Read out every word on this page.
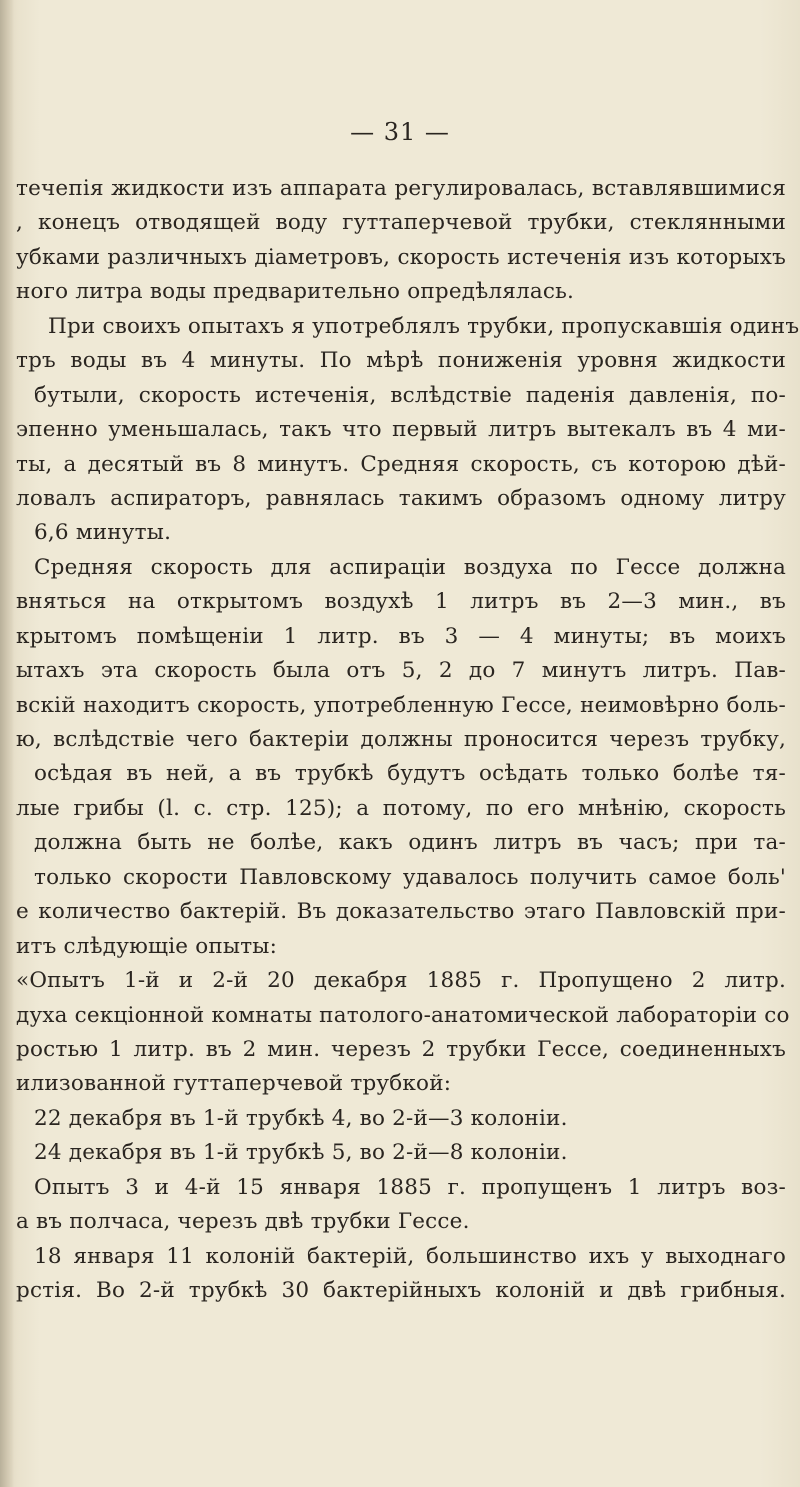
— 31 —
течепія жидкости изъ аппарата регулировалась, вставлявшимися
, конецъ отводящей воду гуттаперчевой трубки, стеклянными
убками различныхъ діаметровъ, скорость истеченія изъ которыхъ
ного литра воды предварительно опредѣлялась.
При своихъ опытахъ я употреблялъ трубки, пропускавшія одинъ
тръ воды въ 4 минуты. По мѣрѣ пониженія уровня жидкости
бутыли, скорость истеченія, вслѣдствіе паденія давленія, по-
эпенно уменьшалась, такъ что первый литръ вытекалъ въ 4 ми-
ты, а десятый въ 8 минутъ. Средняя скорость, съ которою дѣй-
ловалъ аспираторъ, равнялась такимъ образомъ одному литру
6,6 минуты.
Средняя скорость для аспираціи воздуха по Гессе должна
вняться на открытомъ воздухѣ 1 литръ въ 2—3 мин., въ
крытомъ помѣщеніи 1 литр. въ 3 — 4 минуты; въ моихъ
ытахъ эта скорость была отъ 5, 2 до 7 минутъ литръ. Пав-
вскій находитъ скорость, употребленную Гессе, неимовѣрно боль-
ю, вслѣдствіе чего бактеріи должны проносится черезъ трубку,
осѣдая въ ней, а въ трубкѣ будутъ осѣдать только болѣе тя-
лые грибы (l. c. стр. 125); а потому, по его мнѣнію, скорость
должна быть не болѣе, какъ одинъ литръ въ часъ; при та-
только скорости Павловскому удавалось получить самое боль'
е количество бактерій. Въ доказательство этаго Павловскій при-
итъ слѣдующіе опыты:
«Опытъ 1-й и 2-й 20 декабря 1885 г. Пропущено 2 литр.
духа секціонной комнаты патолого-анатомической лабораторіи со
ростью 1 литр. въ 2 мин. черезъ 2 трубки Гессе, соединенныхъ
илизованной гуттаперчевой трубкой:
22 декабря въ 1-й трубкѣ 4, во 2-й—3 колоніи.
24 декабря въ 1-й трубкѣ 5, во 2-й—8 колоніи.
Опытъ 3 и 4-й 15 января 1885 г. пропущенъ 1 литръ воз-
а въ полчаса, черезъ двѣ трубки Гессе.
18 января 11 колоній бактерій, большинство ихъ у выходнаго
рстія. Во 2-й трубкѣ 30 бактерійныхъ колоній и двѣ грибныя.
